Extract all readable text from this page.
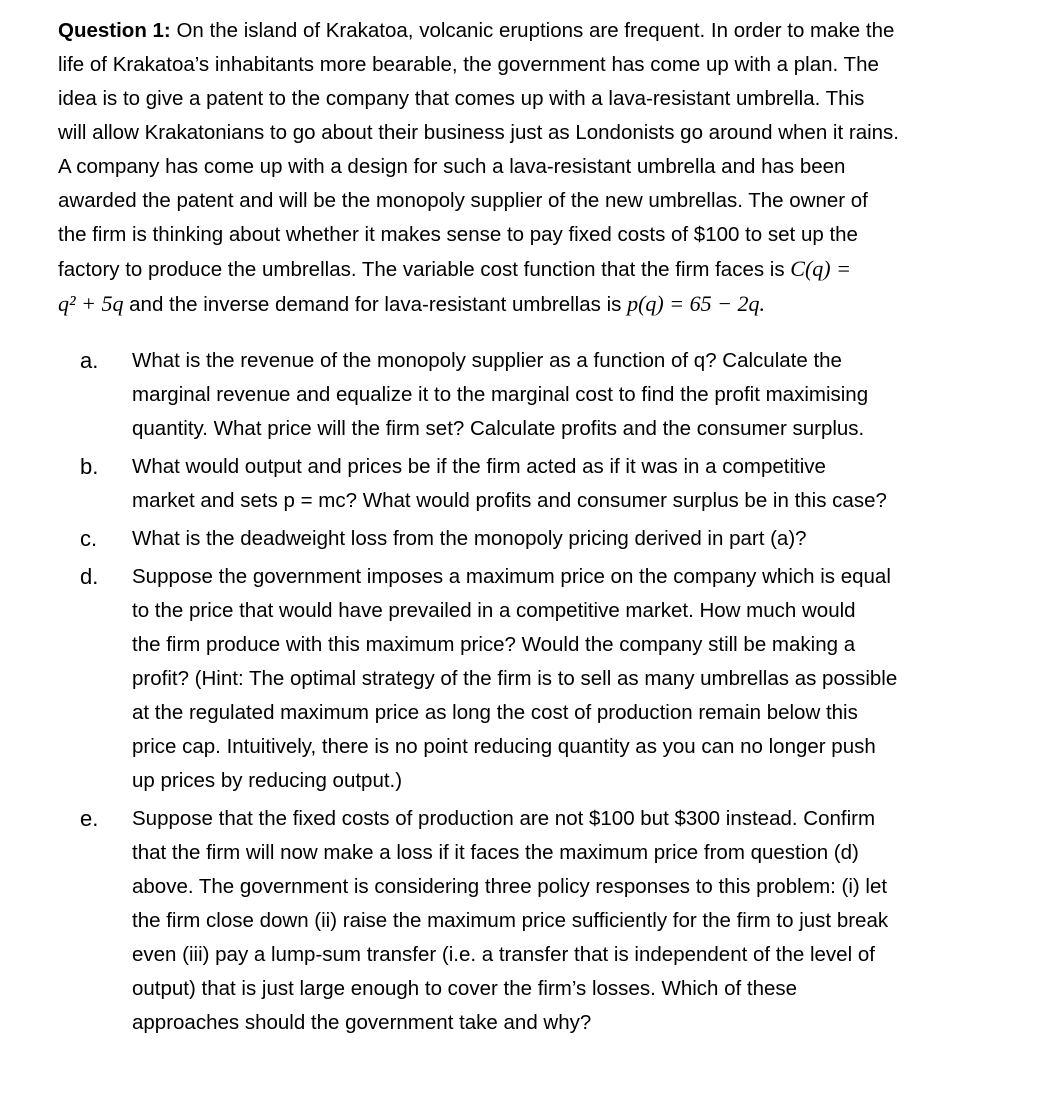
Question 1: On the island of Krakatoa, volcanic eruptions are frequent. In order to make the
life of Krakatoa’s inhabitants more bearable, the government has come up with a plan. The
idea is to give a patent to the company that comes up with a lava-resistant umbrella. This
will allow Krakatonians to go about their business just as Londonists go around when it rains.
A company has come up with a design for such a lava-resistant umbrella and has been
awarded the patent and will be the monopoly supplier of the new umbrellas. The owner of
the firm is thinking about whether it makes sense to pay fixed costs of $100 to set up the
factory to produce the umbrellas. The variable cost function that the firm faces is C(q) =
q² + 5q and the inverse demand for lava-resistant umbrellas is p(q) = 65 − 2q.

a. What is the revenue of the monopoly supplier as a function of q? Calculate the
marginal revenue and equalize it to the marginal cost to find the profit maximising
quantity. What price will the firm set? Calculate profits and the consumer surplus.
b. What would output and prices be if the firm acted as if it was in a competitive
market and sets p = mc? What would profits and consumer surplus be in this case?
c. What is the deadweight loss from the monopoly pricing derived in part (a)?
d. Suppose the government imposes a maximum price on the company which is equal
to the price that would have prevailed in a competitive market. How much would
the firm produce with this maximum price? Would the company still be making a
profit? (Hint: The optimal strategy of the firm is to sell as many umbrellas as possible
at the regulated maximum price as long the cost of production remain below this
price cap. Intuitively, there is no point reducing quantity as you can no longer push
up prices by reducing output.)
e. Suppose that the fixed costs of production are not $100 but $300 instead. Confirm
that the firm will now make a loss if it faces the maximum price from question (d)
above. The government is considering three policy responses to this problem: (i) let
the firm close down (ii) raise the maximum price sufficiently for the firm to just break
even (iii) pay a lump-sum transfer (i.e. a transfer that is independent of the level of
output) that is just large enough to cover the firm’s losses. Which of these
approaches should the government take and why?
